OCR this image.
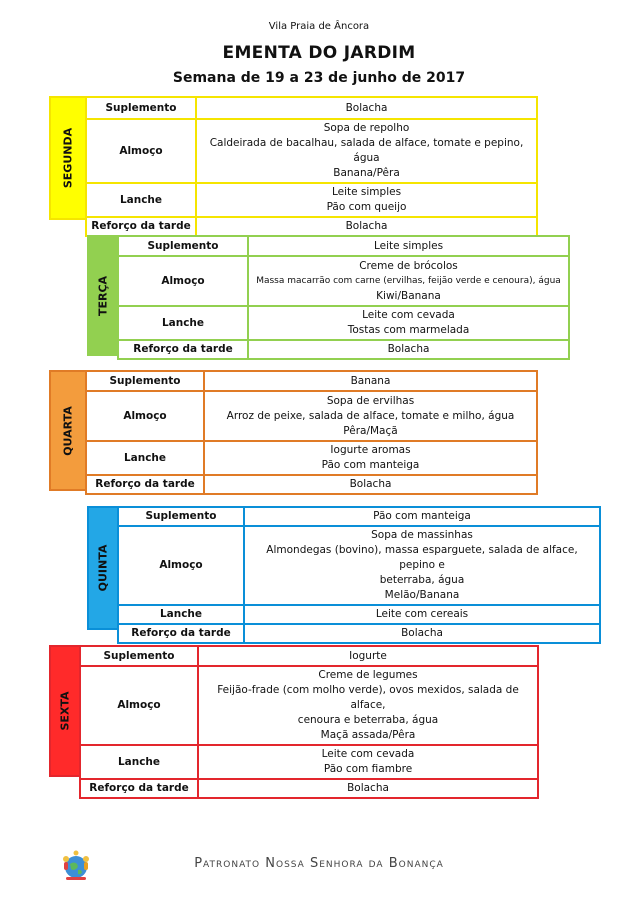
Vila Praia de Âncora
EMENTA DO JARDIM
Semana de 19 a 23 de junho de 2017
SEGUNDA
Suplemento	Bolacha
Almoço	Sopa de repolho
Caldeirada de bacalhau, salada de alface, tomate e pepino, água
Banana/Pêra

Lanche	Leite simples
Pão com queijo

Reforço da tarde	Bolacha
TERÇA
Suplemento	Leite simples
Almoço	Creme de brócolos
Massa macarrão com carne (ervilhas, feijão verde e cenoura), água
Kiwi/Banana

Lanche	Leite com cevada
Tostas com marmelada

Reforço da tarde	Bolacha
QUARTA
Suplemento	Banana
Almoço	Sopa de ervilhas
Arroz de peixe, salada de alface, tomate e milho, água
Pêra/Maçã

Lanche	Iogurte aromas
Pão com manteiga

Reforço da tarde	Bolacha
QUINTA
Suplemento	Pão com manteiga
Almoço	Sopa de massinhas
Almondegas (bovino), massa esparguete, salada de alface, pepino e
beterraba, água
Melão/Banana

Lanche	Leite com cereais
Reforço da tarde	Bolacha
SEXTA
Suplemento	Iogurte
Almoço	Creme de legumes
Feijão-frade (com molho verde), ovos mexidos, salada de alface,
cenoura e beterraba, água
Maçã assada/Pêra

Lanche	Leite com cevada
Pão com fiambre

Reforço da tarde	Bolacha
Patronato Nossa Senhora da Bonança
